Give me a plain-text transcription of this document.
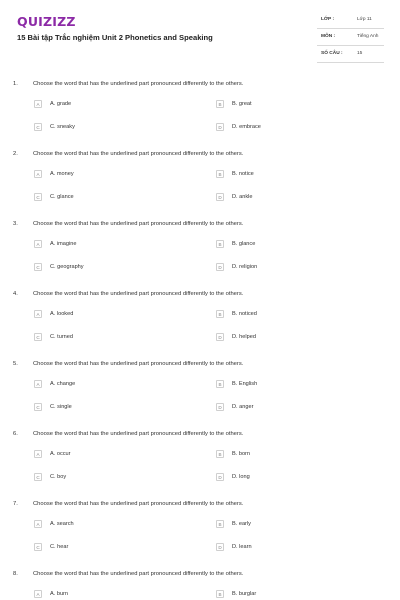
QUIZIZZ
15 Bài tập Trắc nghiệm Unit 2 Phonetics and Speaking
LỚP :	Lớp 11
MÔN :	Tiếng Anh
SỐ CÂU :	15
1.	Choose the word that has the underlined part pronounced differently to the others.
A	A. grade	B	B. great
C	C. sneaky	D	D. embrace
2.	Choose the word that has the underlined part pronounced differently to the others.
A	A. money	B	B. notice
C	C. glance	D	D. ankle
3.	Choose the word that has the underlined part pronounced differently to the others.
A	A. imagine	B	B. glance
C	C. geography	D	D. religion
4.	Choose the word that has the underlined part pronounced differently to the others.
A	A. looked	B	B. noticed
C	C. turned	D	D. helped
5.	Choose the word that has the underlined part pronounced differently to the others.
A	A. change	B	B. English
C	C. single	D	D. anger
6.	Choose the word that has the underlined part pronounced differently to the others.
A	A. occur	B	B. born
C	C. boy	D	D. long
7.	Choose the word that has the underlined part pronounced differently to the others.
A	A. search	B	B. early
C	C. hear	D	D. learn
8.	Choose the word that has the underlined part pronounced differently to the others.
A	A. burn	B	B. burglar
